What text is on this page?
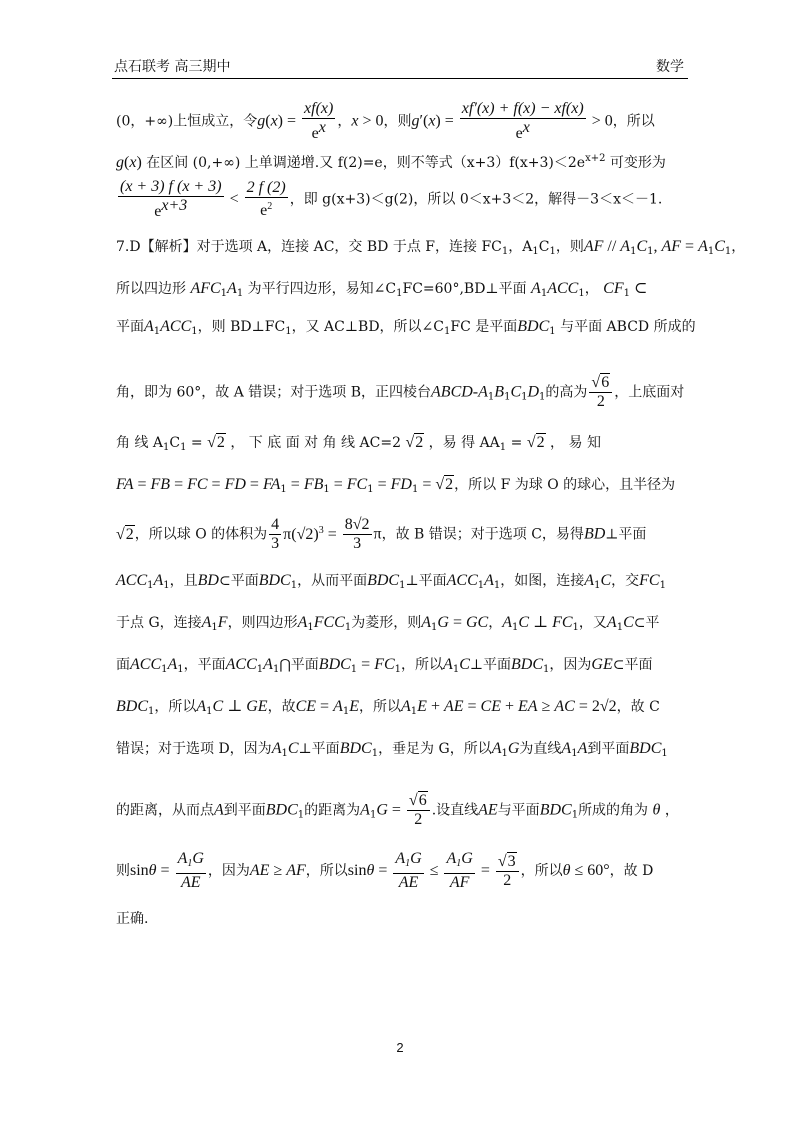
点石联考 高三期中	数学
(0，+∞)上恒成立，令$g(x) = \frac{xf(x)}{e^x}$ ，x > 0，则$g'(x) = \frac{xf'(x) + f(x) - xf(x)}{e^x} > 0$，所以
g(x) 在区间 (0,+∞) 上单调递增.又 f(2)=e，则不等式$(x+3)f(x+3)<2e^{x+2}$ 可变形为
$\frac{(x + 3) f (x + 3)}{e^{x+3}} < \frac{2 f (2)}{e^2}$ ，即 g(x+3)＜g(2)，所以 0＜x+3＜2，解得－3＜x＜－1.
7.D【解析】对于选项 A，连接 AC，交 BD 于点 F，连接 $FC_1$，$A_1C_1$，则AF // $A_1C_1$, AF = $A_1C_1$，
所以四边形 $AFC_1A_1$ 为平行四边形，易知$\angle C_1FC=60^\circ,BD\perp$平面 $A_1ACC_1$， $CF_1$ ⊂
平面$A_1ACC_1$，则 $BD\perp FC_1$，又 AC⊥BD，所以$\angle C_1FC$ 是平面$BDC_1$ 与平面 ABCD 所成的
角，即为 60°，故 A 错误；对于选项 B，正四棱台ABCD-$A_1B_1C_1D_1$的高为 $\frac{√6}{2}$ ，上底面对
角 线 $A_1C_1 = √2$ ， 下 底 面 对 角 线 AC=2 √2 ，易 得 $AA_1 = √2$ ， 易 知
FA = FB = FC = FD = $FA_1 = FB_1 = FC_1 = FD_1 = √2$，所以 F 为球 O 的球心，且半径为
√2，所以球 O 的体积为 $\frac{4}{3} \pi(√2)^3 = \frac{8√2}{3}$ π，故 B 错误；对于选项 C，易得BD⊥平面
$ACC_1A_1$，且BD⊂平面$BDC_1$，从而平面$BDC_1\perp$平面$ACC_1A_1$，如图，连接$A_1C$，交$FC_1$
于点 G，连接$A_1F$，则四边形$A_1FCC_1$为菱形，则$A_1G$ = GC，$A_1C$ ⊥ $FC_1$，又$A_1C\subset$平
面$ACC_1A_1$，平面$ACC_1A_1⋂$平面$BDC_1 = FC_1$，所以$A_1C\perp$平面$BDC_1$，因为GE⊂平面
$BDC_1$，所以$A_1C$ ⊥ GE，故CE = $A_1E$，所以$A_1E$ + AE = CE + EA ≥ AC = 2√2，故 C
错误；对于选项 D，因为$A_1C\perp$平面$BDC_1$，垂足为 G，所以$A_1G$为直线$A_1A$到平面$BDC_1$
的距离，从而点A到平面$BDC_1$的距离为$A_1G = \frac{√6}{2}$ .设直线AE与平面$BDC_1$所成的角为 θ ，
则$\sin\theta = \frac{A_1G}{AE}$ ，因为AE ≥ AF，所以$\sin\theta = \frac{A_1G}{AE} \le \frac{A_1G}{AF} = \frac{√3}{2}$ ，所以θ ≤ 60°，故 D
正确.
2
